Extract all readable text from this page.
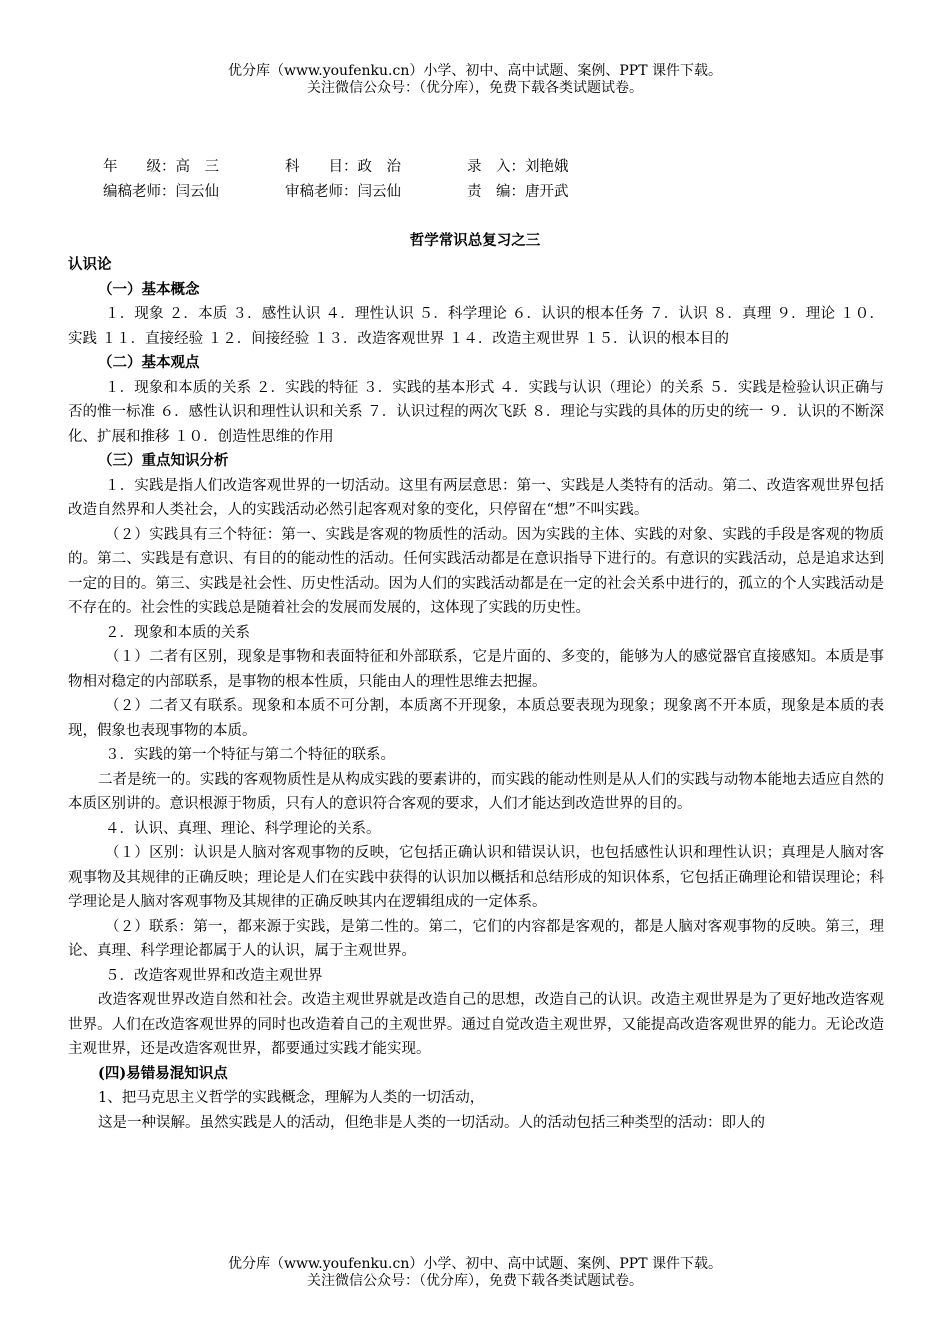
优分库（www.youfenku.cn）小学、初中、高中试题、案例、PPT 课件下载。
关注微信公众号：（优分库），免费下载各类试题试卷。
年　　级：高　三	科　　目：政　治	录　入：刘艳娥
编稿老师：闫云仙	审稿老师：闫云仙	责　编：唐开武
哲学常识总复习之三

认识论

（一）基本概念

１．现象 ２．本质 ３．感性认识 ４．理性认识 ５．科学理论 ６．认识的根本任务 ７．认识 ８．真理 ９．理论 １０．实践 １１．直接经验 １２．间接经验 １３．改造客观世界 １４．改造主观世界 １５．认识的根本目的

（二）基本观点

１．现象和本质的关系 ２．实践的特征 ３．实践的基本形式 ４．实践与认识（理论）的关系 ５．实践是检验认识正确与否的惟一标准 ６．感性认识和理性认识和关系 ７．认识过程的两次飞跃 ８．理论与实践的具体的历史的统一 ９．认识的不断深化、扩展和推移 １０．创造性思维的作用

（三）重点知识分析

１．实践是指人们改造客观世界的一切活动。这里有两层意思：第一、实践是人类特有的活动。第二、改造客观世界包括改造自然界和人类社会，人的实践活动必然引起客观对象的变化，只停留在“想”不叫实践。

（２）实践具有三个特征：第一、实践是客观的物质性的活动。因为实践的主体、实践的对象、实践的手段是客观的物质的。第二、实践是有意识、有目的的能动性的活动。任何实践活动都是在意识指导下进行的。有意识的实践活动，总是追求达到一定的目的。第三、实践是社会性、历史性活动。因为人们的实践活动都是在一定的社会关系中进行的，孤立的个人实践活动是不存在的。社会性的实践总是随着社会的发展而发展的，这体现了实践的历史性。

２．现象和本质的关系

（１）二者有区别，现象是事物和表面特征和外部联系，它是片面的、多变的，能够为人的感觉器官直接感知。本质是事物相对稳定的内部联系，是事物的根本性质，只能由人的理性思维去把握。

（２）二者又有联系。现象和本质不可分割，本质离不开现象，本质总要表现为现象；现象离不开本质，现象是本质的表现，假象也表现事物的本质。

３．实践的第一个特征与第二个特征的联系。

二者是统一的。实践的客观物质性是从构成实践的要素讲的，而实践的能动性则是从人们的实践与动物本能地去适应自然的本质区别讲的。意识根源于物质，只有人的意识符合客观的要求，人们才能达到改造世界的目的。

４．认识、真理、理论、科学理论的关系。

（１）区别：认识是人脑对客观事物的反映，它包括正确认识和错误认识，也包括感性认识和理性认识；真理是人脑对客观事物及其规律的正确反映；理论是人们在实践中获得的认识加以概括和总结形成的知识体系，它包括正确理论和错误理论；科学理论是人脑对客观事物及其规律的正确反映其内在逻辑组成的一定体系。

（２）联系：第一，都来源于实践，是第二性的。第二，它们的内容都是客观的，都是人脑对客观事物的反映。第三，理论、真理、科学理论都属于人的认识，属于主观世界。

５．改造客观世界和改造主观世界

改造客观世界改造自然和社会。改造主观世界就是改造自己的思想，改造自己的认识。改造主观世界是为了更好地改造客观世界。人们在改造客观世界的同时也改造着自己的主观世界。通过自觉改造主观世界，又能提高改造客观世界的能力。无论改造主观世界，还是改造客观世界，都要通过实践才能实现。

(四)易错易混知识点

1、把马克思主义哲学的实践概念，理解为人类的一切活动，

这是一种误解。虽然实践是人的活动，但绝非是人类的一切活动。人的活动包括三种类型的活动：即人的

优分库（www.youfenku.cn）小学、初中、高中试题、案例、PPT 课件下载。
关注微信公众号：（优分库），免费下载各类试题试卷。
